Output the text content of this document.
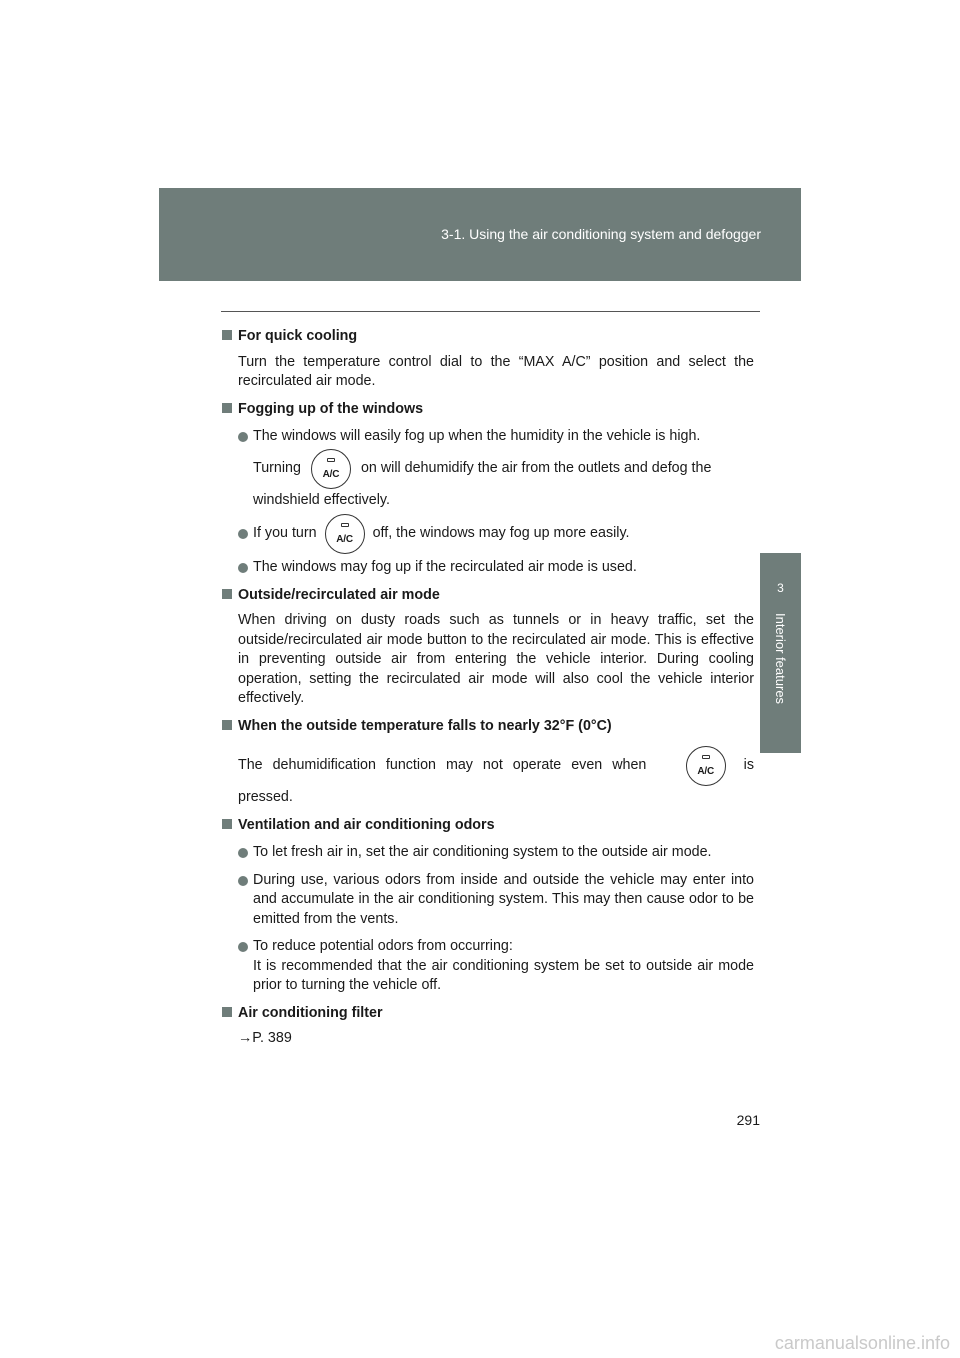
3-1. Using the air conditioning system and defogger
3
Interior features
For quick cooling
Turn the temperature control dial to the “MAX A/C” position and select the recirculated air mode.
Fogging up of the windows
The windows will easily fog up when the humidity in the vehicle is high.
Turning	A/C	on will dehumidify the air from the outlets and defog the
windshield effectively.
If you turn	A/C	off, the windows may fog up more easily.
The windows may fog up if the recirculated air mode is used.
Outside/recirculated air mode
When driving on dusty roads such as tunnels or in heavy traffic, set the outside/recirculated air mode button to the recirculated air mode. This is effective in preventing outside air from entering the vehicle interior. During cooling operation, setting the recirculated air mode will also cool the vehicle interior effectively.
When the outside temperature falls to nearly 32°F (0°C)
The dehumidification function may not operate even when	A/C	is
pressed.
Ventilation and air conditioning odors
To let fresh air in, set the air conditioning system to the outside air mode.
During use, various odors from inside and outside the vehicle may enter into and accumulate in the air conditioning system. This may then cause odor to be emitted from the vents.
To reduce potential odors from occurring:
It is recommended that the air conditioning system be set to outside air mode prior to turning the vehicle off.
Air conditioning filter
→P. 389
291
carmanualsonline.info
